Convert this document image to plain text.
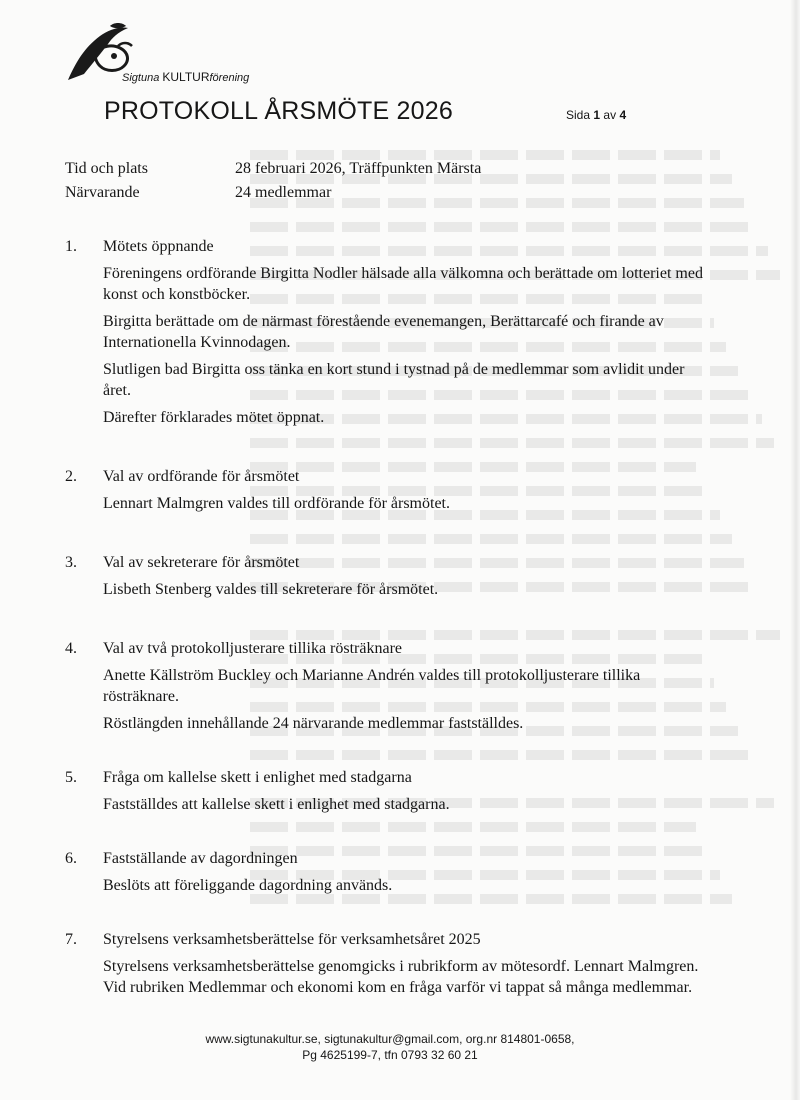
Sigtuna KULTURförening
PROTOKOLL ÅRSMÖTE 2026	Sida 1 av 4
Tid och plats	28 februari 2026, Träffpunkten Märsta
Närvarande	24 medlemmar
1.	Mötets öppnande
Föreningens ordförande Birgitta Nodler hälsade alla välkomna och berättade om lotteriet med konst och konstböcker.
Birgitta berättade om de närmast förestående evenemangen, Berättarcafé och firande av Internationella Kvinnodagen.
Slutligen bad Birgitta oss tänka en kort stund i tystnad på de medlemmar som avlidit under året.
Därefter förklarades mötet öppnat.
2.	Val av ordförande för årsmötet
Lennart Malmgren valdes till ordförande för årsmötet.
3.	Val av sekreterare för årsmötet
Lisbeth Stenberg valdes till sekreterare för årsmötet.
4.	Val av två protokolljusterare tillika rösträknare
Anette Källström Buckley och Marianne Andrén valdes till protokolljusterare tillika rösträknare.
Röstlängden innehållande 24 närvarande medlemmar fastställdes.
5.	Fråga om kallelse skett i enlighet med stadgarna
Fastställdes att kallelse skett i enlighet med stadgarna.
6.	Fastställande av dagordningen
Beslöts att föreliggande dagordning används.
7.	Styrelsens verksamhetsberättelse för verksamhetsåret 2025
Styrelsens verksamhetsberättelse genomgicks i rubrikform av mötesordf. Lennart Malmgren. Vid rubriken Medlemmar och ekonomi kom en fråga varför vi tappat så många medlemmar.
www.sigtunakultur.se, sigtunakultur@gmail.com, org.nr 814801-0658,
Pg 4625199-7, tfn 0793 32 60 21
